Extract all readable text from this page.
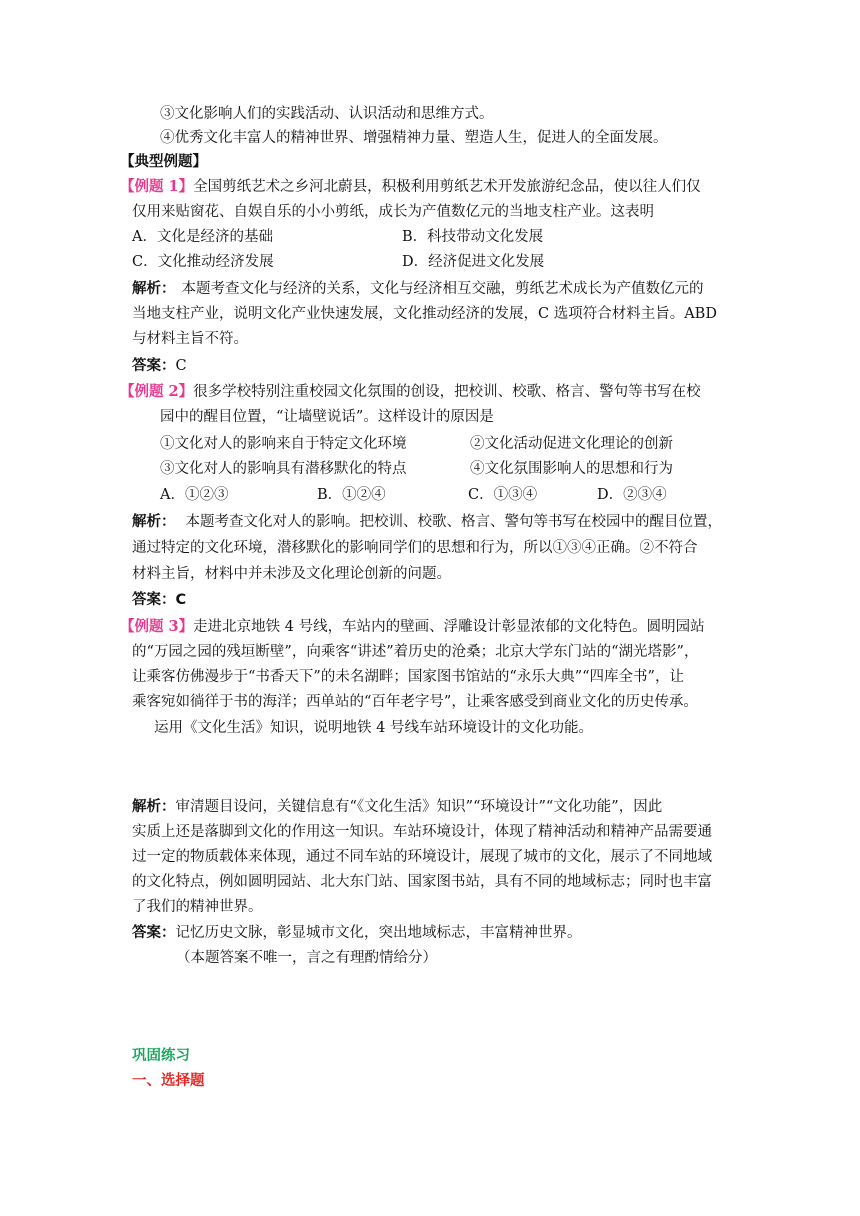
③文化影响人们的实践活动、认识活动和思维方式。
④优秀文化丰富人的精神世界、增强精神力量、塑造人生，促进人的全面发展。
【典型例题】
【例题 1】全国剪纸艺术之乡河北蔚县，积极利用剪纸艺术开发旅游纪念品，使以往人们仅
仅用来贴窗花、自娱自乐的小小剪纸，成长为产值数亿元的当地支柱产业。这表明
A．文化是经济的基础	B．科技带动文化发展
C．文化推动经济发展	D．经济促进文化发展
解析： 本题考查文化与经济的关系，文化与经济相互交融，剪纸艺术成长为产值数亿元的
当地支柱产业，说明文化产业快速发展，文化推动经济的发展，C 选项符合材料主旨。ABD
与材料主旨不符。
答案：C
【例题 2】很多学校特别注重校园文化氛围的创设，把校训、校歌、格言、警句等书写在校
园中的醒目位置，“让墙壁说话”。这样设计的原因是
①文化对人的影响来自于特定文化环境	②文化活动促进文化理论的创新
③文化对人的影响具有潜移默化的特点	④文化氛围影响人的思想和行为
A．①②③	B．①②④	C．①③④	D．②③④
解析： 本题考查文化对人的影响。把校训、校歌、格言、警句等书写在校园中的醒目位置，
通过特定的文化环境，潜移默化的影响同学们的思想和行为，所以①③④正确。②不符合
材料主旨，材料中并未涉及文化理论创新的问题。
答案：C
【例题 3】走进北京地铁 4 号线，车站内的壁画、浮雕设计彰显浓郁的文化特色。圆明园站
的“万园之园的残垣断壁”，向乘客“讲述”着历史的沧桑；北京大学东门站的“湖光塔影”，
让乘客仿佛漫步于“书香天下”的未名湖畔；国家图书馆站的“永乐大典”“四库全书”，让
乘客宛如徜徉于书的海洋；西单站的“百年老字号”，让乘客感受到商业文化的历史传承。
运用《文化生活》知识，说明地铁 4 号线车站环境设计的文化功能。
解析：审清题目设问，关键信息有“《文化生活》知识”“环境设计”“文化功能”，因此
实质上还是落脚到文化的作用这一知识。车站环境设计，体现了精神活动和精神产品需要通
过一定的物质载体来体现，通过不同车站的环境设计，展现了城市的文化，展示了不同地域
的文化特点，例如圆明园站、北大东门站、国家图书站，具有不同的地域标志；同时也丰富
了我们的精神世界。
答案：记忆历史文脉，彰显城市文化，突出地域标志，丰富精神世界。
（本题答案不唯一，言之有理酌情给分）
巩固练习
一、选择题
